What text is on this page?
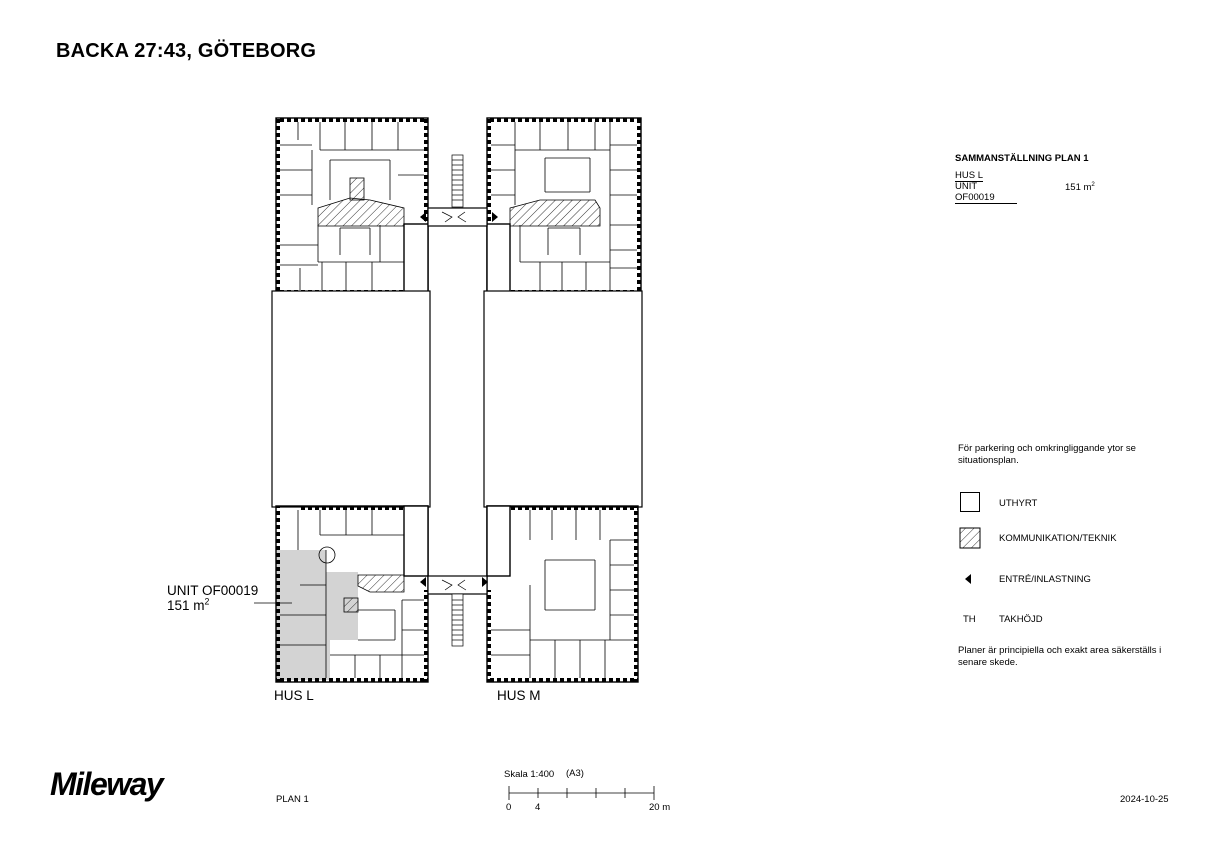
BACKA 27:43, GÖTEBORG
SAMMANSTÄLLNING PLAN 1
HUS L
UNIT OF00019
151 $m^2$
För parkering och omkringliggande ytor se situationsplan.
UTHYRT
KOMMUNIKATION/TEKNIK
ENTRÉ/INLASTNING
TH TAKHÖJD
Planer är principiella och exakt area säkerställs i senare skede.
UNIT OF00019
151 $m^2$
HUS L	HUS M
Mileway	PLAN 1
Skala 1:400 (A3)
0 4	20 m
2024-10-25
